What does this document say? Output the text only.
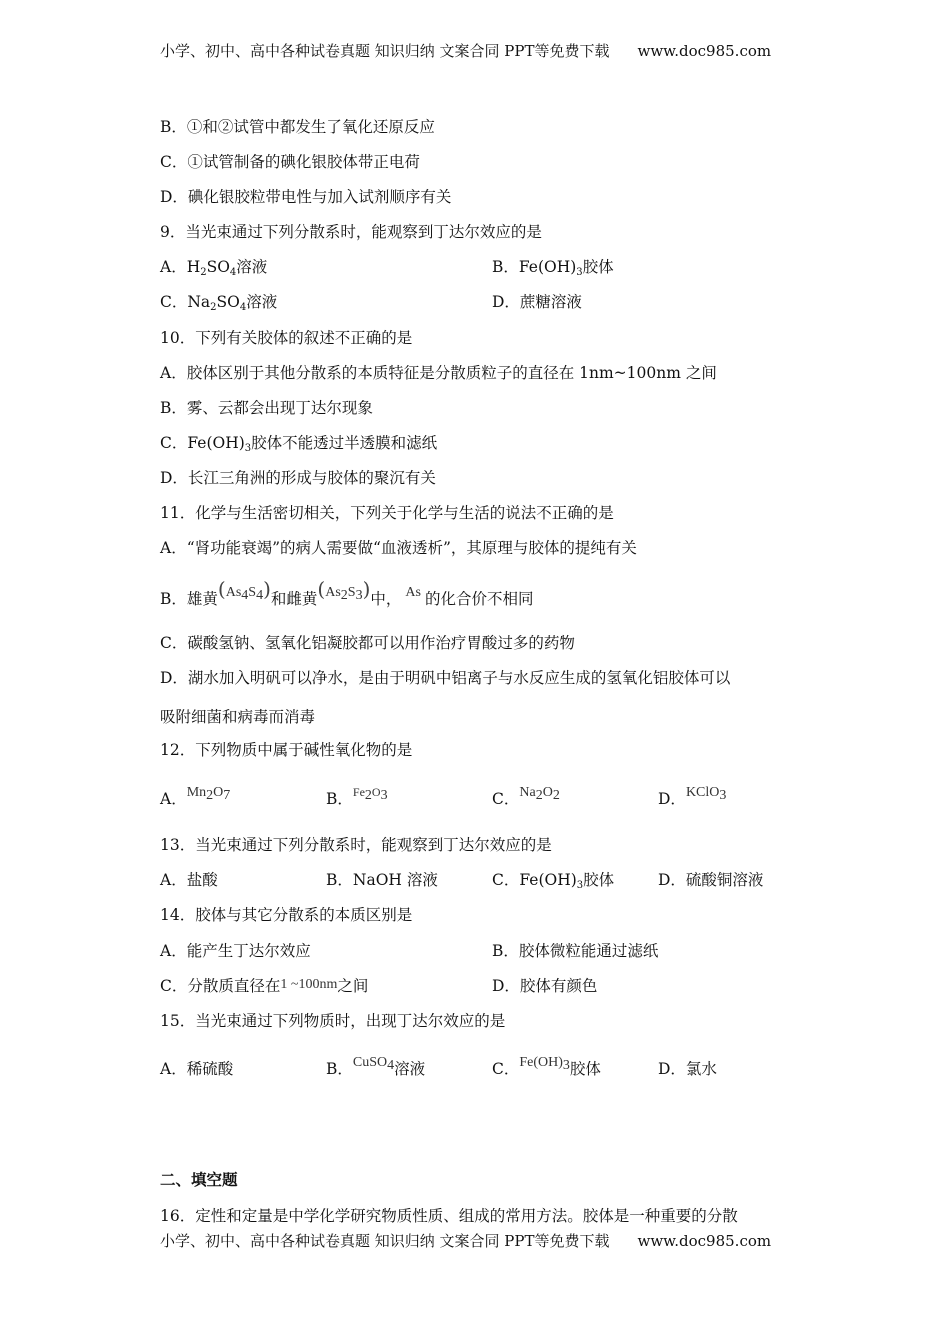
小学、初中、高中各种试卷真题 知识归纳 文案合同 PPT等免费下载 www.doc985.com
B．①和②试管中都发生了氧化还原反应
C．①试管制备的碘化银胶体带正电荷
D．碘化银胶粒带电性与加入试剂顺序有关
9．当光束通过下列分散系时，能观察到丁达尔效应的是
A．$H_2SO_4$溶液	B．$Fe(OH)_3$胶体
C．$Na_2SO_4$溶液	D．蔗糖溶液
10．下列有关胶体的叙述不正确的是
A．胶体区别于其他分散系的本质特征是分散质粒子的直径在 1nm~100nm 之间
B．雾、云都会出现丁达尔现象
C．$Fe(OH)_3$胶体不能透过半透膜和滤纸
D．长江三角洲的形成与胶体的聚沉有关
11．化学与生活密切相关，下列关于化学与生活的说法不正确的是
A．“肾功能衰竭”的病人需要做“血液透析”，其原理与胶体的提纯有关
B．雄黄$(As_4S_4)$和雌黄$(As_2S_3)$中， As 的化合价不相同
C．碳酸氢钠、氢氧化铝凝胶都可以用作治疗胃酸过多的药物
D．湖水加入明矾可以净水，是由于明矾中铝离子与水反应生成的氢氧化铝胶体可以
吸附细菌和病毒而消毒
12．下列物质中属于碱性氧化物的是
A．$Mn_2O_7$	B．$^{Fe_2O_3}$	C．$Na_2O_2$	D．KClO$_3$
13．当光束通过下列分散系时，能观察到丁达尔效应的是
A．盐酸	B．NaOH 溶液	C．$Fe(OH)_3$胶体	D．硫酸铜溶液
14．胶体与其它分散系的本质区别是
A．能产生丁达尔效应	B．胶体微粒能通过滤纸
C．分散质直径在1 ~100nm之间	D．胶体有颜色
15．当光束通过下列物质时，出现丁达尔效应的是
A．稀硫酸	B．CuSO$_4$溶液	C．$Fe(OH)_3$胶体	D．氯水
二、填空题
16．定性和定量是中学化学研究物质性质、组成的常用方法。胶体是一种重要的分散
小学、初中、高中各种试卷真题 知识归纳 文案合同 PPT等免费下载 www.doc985.com
